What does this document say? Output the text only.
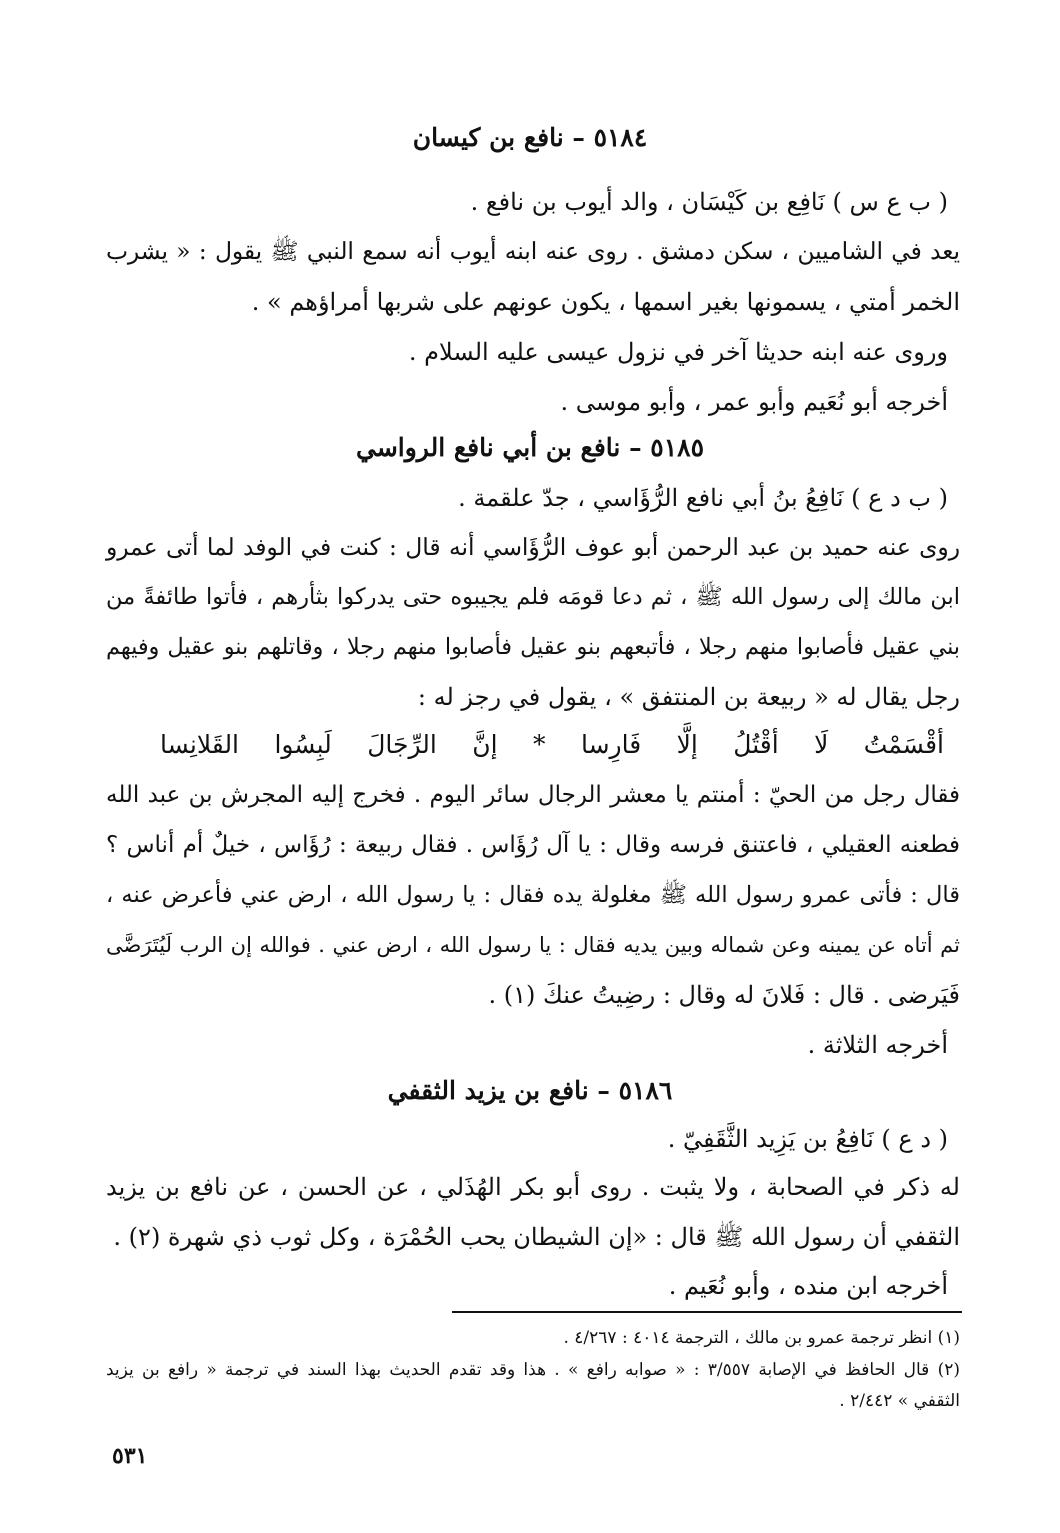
٥١٨٤ – نافع بن كيسان
( ب ع س ) نَافِع بن كَيْسَان ، والد أيوب بن نافع .
يعد في الشاميين ، سكن دمشق . روى عنه ابنه أيوب أنه سمع النبي ﷺ يقول : « يشرب
الخمر أمتي ، يسمونها بغير اسمها ، يكون عونهم على شربها أمراؤهم » .
وروى عنه ابنه حديثا آخر في نزول عيسى عليه السلام .
أخرجه أبو نُعَيم وأبو عمر ، وأبو موسى .
٥١٨٥ – نافع بن أبي نافع الرواسي
( ب د ع ) نَافِعُ بنُ أبي نافع الرُّؤَاسي ، جدّ علقمة .
روى عنه حميد بن عبد الرحمن أبو عوف الرُّؤَاسي أنه قال : كنت في الوفد لما أتى عمرو
ابن مالك إلى رسول الله ﷺ ، ثم دعا قومَه فلم يجيبوه حتى يدركوا بثأرهم ، فأتوا طائفةً من
بني عقيل فأصابوا منهم رجلا ، فأتبعهم بنو عقيل فأصابوا منهم رجلا ، وقاتلهم بنو عقيل وفيهم
رجل يقال له « ربيعة بن المنتفق » ، يقول في رجز له :
أقْسَمْتُ لَا أقْتُلُ إلَّا فَارِسا * إنَّ الرِّجَالَ لَبِسُوا القَلانِسا
فقال رجل من الحيّ : أمنتم يا معشر الرجال سائر اليوم . فخرج إليه المجرش بن عبد الله
فطعنه العقيلي ، فاعتنق فرسه وقال : يا آل رُؤَاس . فقال ربيعة : رُؤَاس ، خيلٌ أم أناس ؟
قال : فأتى عمرو رسول الله ﷺ مغلولة يده فقال : يا رسول الله ، ارض عني فأعرض عنه ،
ثم أتاه عن يمينه وعن شماله وبين يديه فقال : يا رسول الله ، ارض عني . فوالله إن الرب لَيُتَرَضَّى
فَيَرضى . قال : فَلانَ له وقال : رضِيتُ عنكَ (١) .
أخرجه الثلاثة .
٥١٨٦ – نافع بن يزيد الثقفي
( د ع ) نَافِعُ بن يَزِيد الثَّقَفِيّ .
له ذكر في الصحابة ، ولا يثبت . روى أبو بكر الهُذَلي ، عن الحسن ، عن نافع بن يزيد
الثقفي أن رسول الله ﷺ قال : «إن الشيطان يحب الحُمْرَة ، وكل ثوب ذي شهرة (٢) .
أخرجه ابن منده ، وأبو نُعَيم .
(١) انظر ترجمة عمرو بن مالك ، الترجمة ٤٠١٤ : ٤/٢٦٧ .
(٢) قال الحافظ في الإصابة ٣/٥٥٧ : « صوابه رافع » . هذا وقد تقدم الحديث بهذا السند في ترجمة « رافع بن يزيد
الثقفي » ٢/٤٤٢ .
٥٣١
